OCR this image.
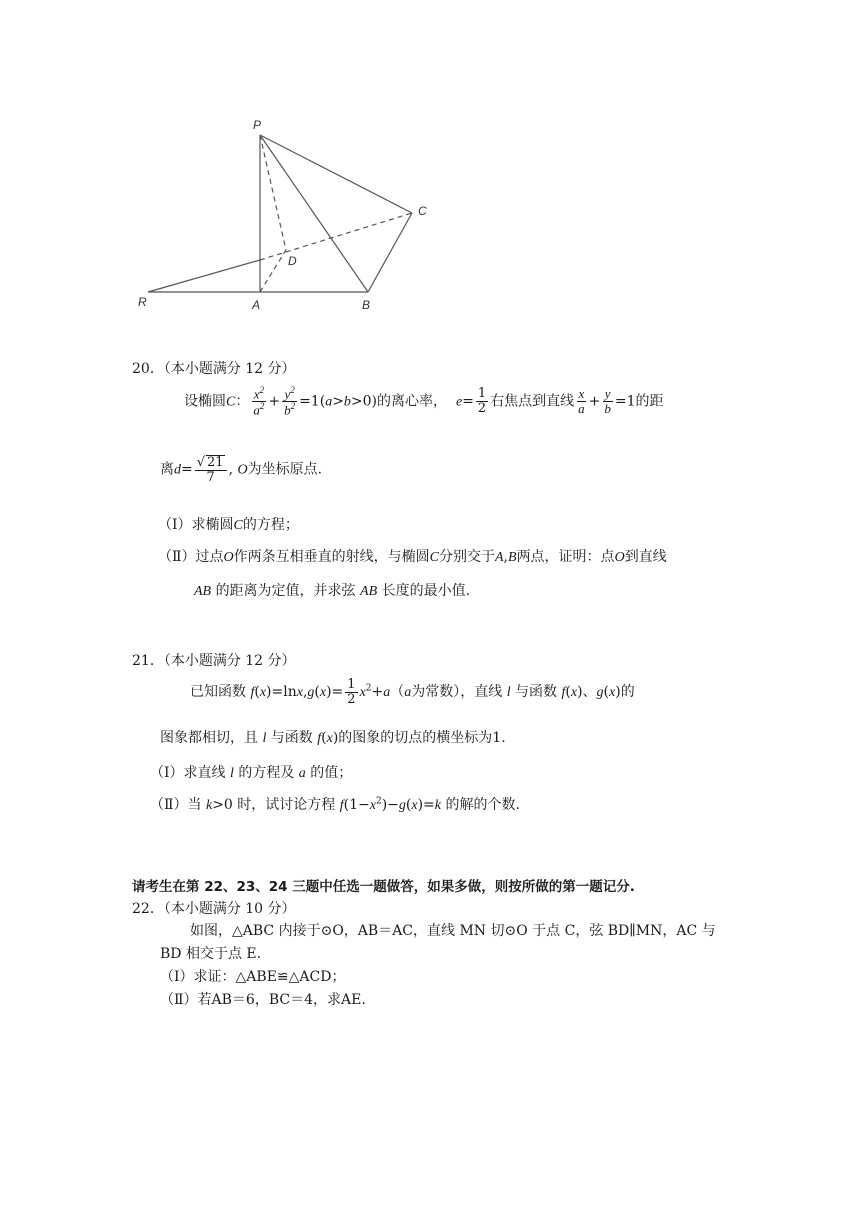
P
C
D
R	A	B
20．（本小题满分 12 分）
设椭圆C： $\frac{x^2}{a^2} + \frac{y^2}{b^2} =1(a>b>0)$的离心率， $e= \frac{1}{2}$ 右焦点到直线 $\frac{x}{a} + \frac{y}{b} =1$的距
离$d= \frac{√ 21}{7}$ , O为坐标原点.
（Ⅰ）求椭圆C的方程；
（Ⅱ）过点O作两条互相垂直的射线，与椭圆C分别交于A,B两点，证明：点O到直线
AB 的距离为定值，并求弦 AB 长度的最小值.
21．（本小题满分 12 分）
已知函数 $f(x)=\ln x,g(x)= \frac{1}{2} x^2+a(a$为常数），直线 l 与函数 f(x)、g(x)的
图象都相切，且 l 与函数 f(x)的图象的切点的横坐标为1.
（Ⅰ）求直线 l 的方程及 a 的值；
（Ⅱ）当 k>0 时，试讨论方程 $f(1-x^2)-g(x)=k$ 的解的个数.
请考生在第 22、23、24 三题中任选一题做答，如果多做，则按所做的第一题记分.
22．（本小题满分 10 分）
如图，△ABC 内接于⊙O，AB＝AC，直线 MN 切⊙O 于点 C，弦 BD∥MN，AC 与
BD 相交于点 E.
（Ⅰ）求证：△ABE≌△ACD；
（Ⅱ）若AB＝6，BC＝4，求AE.
